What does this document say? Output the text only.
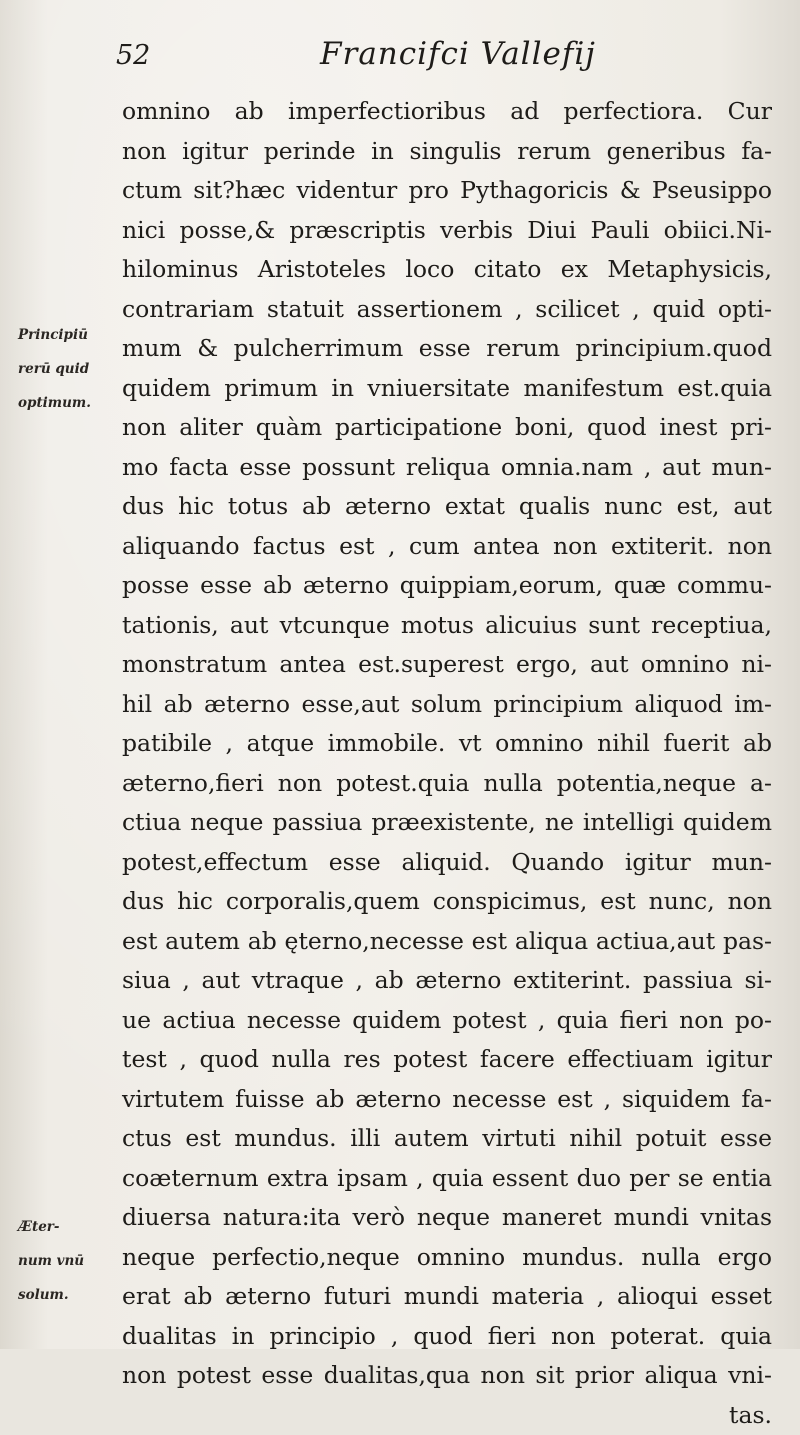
52	Francifci Vallefij
Principiū
rerū quid
optimum.
Æter-
num vnū
solum.
omnino ab imperfectioribus ad perfectiora. Cur
non igitur perinde in singulis rerum generibus fa-
ctum sit?hæc videntur pro Pythagoricis & Pseusippo
nici posse,& præscriptis verbis Diui Pauli obiici.Ni-
hilominus Aristoteles loco citato ex Metaphysicis,
contrariam statuit assertionem , scilicet , quid opti-
mum & pulcherrimum esse rerum principium.quod
quidem primum in vniuersitate manifestum est.quia
non aliter quàm participatione boni, quod inest pri-
mo facta esse possunt reliqua omnia.nam , aut mun-
dus hic totus ab æterno extat qualis nunc est, aut
aliquando factus est , cum antea non extiterit. non
posse esse ab æterno quippiam,eorum, quæ commu-
tationis, aut vtcunque motus alicuius sunt receptiua,
monstratum antea est.superest ergo, aut omnino ni-
hil ab æterno esse,aut solum principium aliquod im-
patibile , atque immobile. vt omnino nihil fuerit ab
æterno,fieri non potest.quia nulla potentia,neque a-
ctiua neque passiua præexistente, ne intelligi quidem
potest,effectum esse aliquid. Quando igitur mun-
dus hic corporalis,quem conspicimus, est nunc, non
est autem ab ęterno,necesse est aliqua actiua,aut pas-
siua , aut vtraque , ab æterno extiterint. passiua si-
ue actiua necesse quidem potest , quia fieri non po-
test , quod nulla res potest facere effectiuam igitur
virtutem fuisse ab æterno necesse est , siquidem fa-
ctus est mundus. illi autem virtuti nihil potuit esse
coæternum extra ipsam , quia essent duo per se entia
diuersa natura:ita verò neque maneret mundi vnitas
neque perfectio,neque omnino mundus. nulla ergo
erat ab æterno futuri mundi materia , alioqui esset
dualitas in principio , quod fieri non poterat. quia
non potest esse dualitas,qua non sit prior aliqua vni-
tas.
